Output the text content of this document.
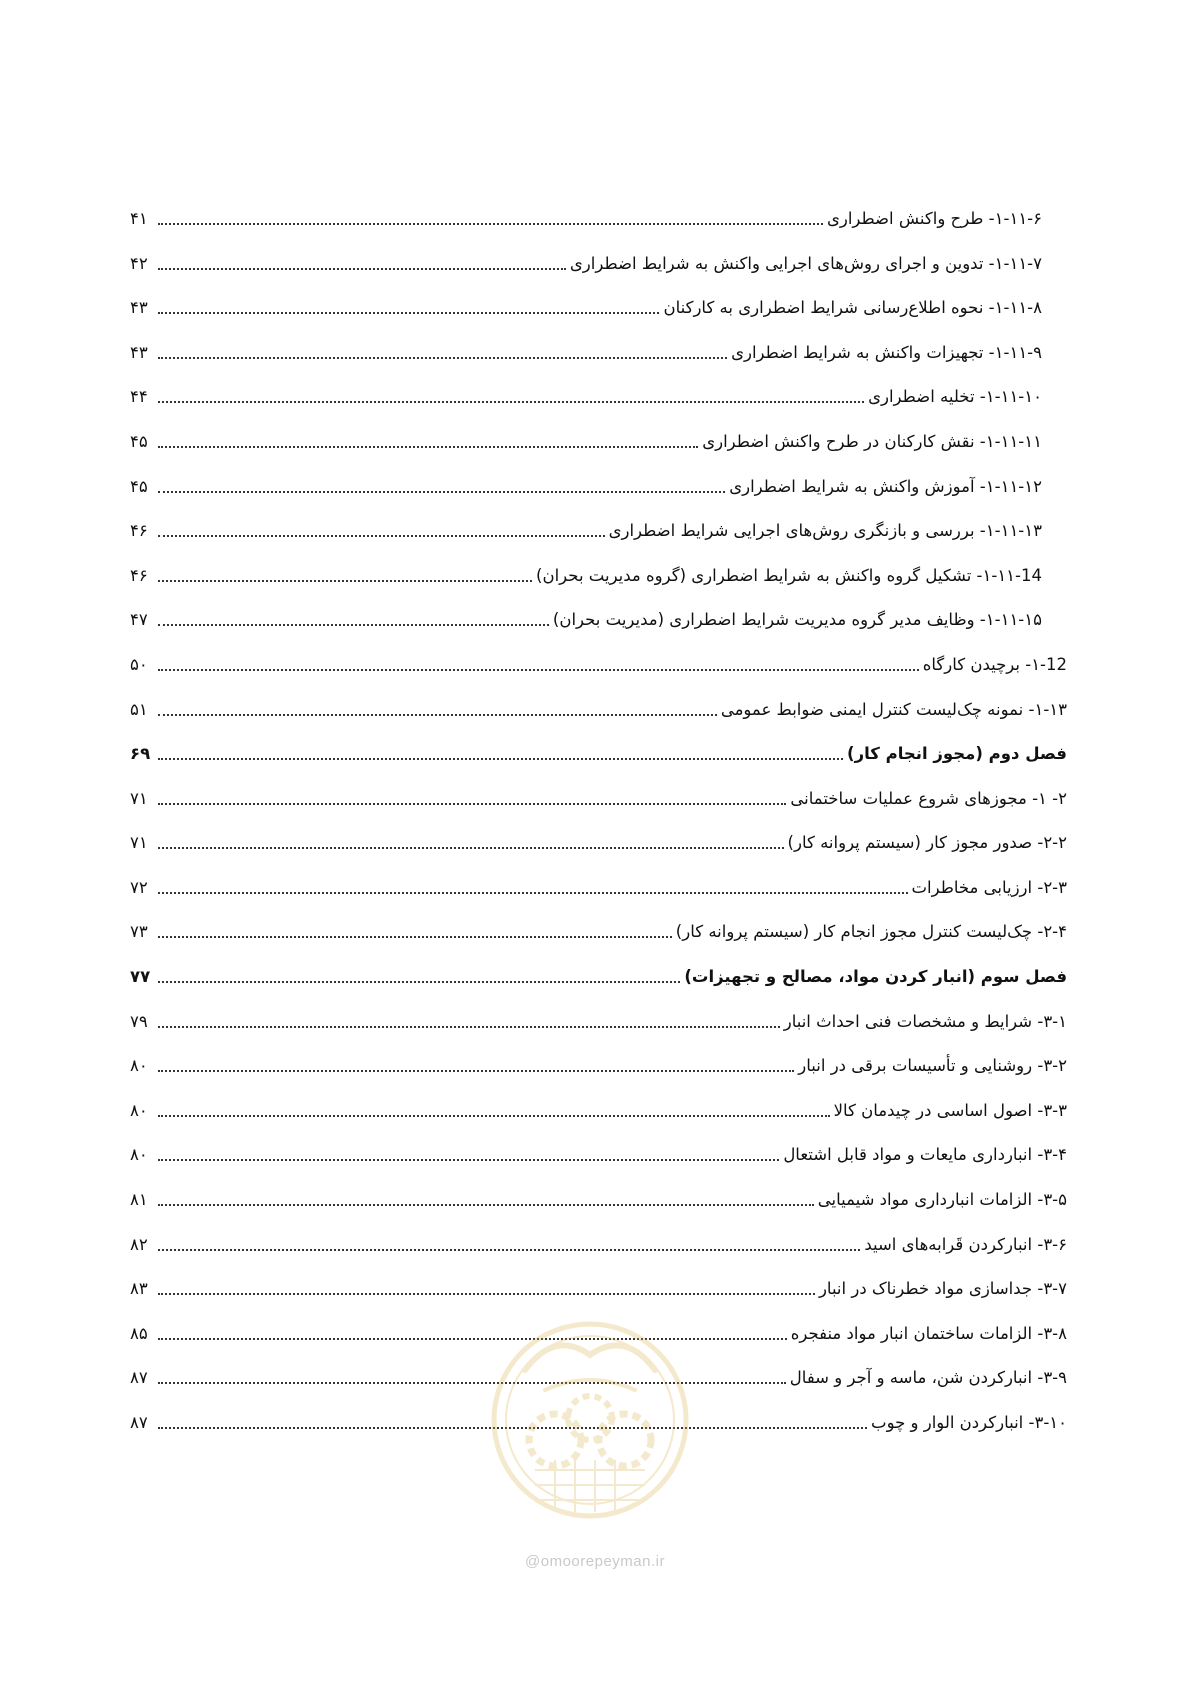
۱-۱۱-۶- طرح واکنش اضطراری
۴۱
۱-۱۱-۷- تدوین و اجرای روش‌های اجرایی واکنش به شرایط اضطراری
۴۲
۱-۱۱-۸- نحوه اطلاع‌رسانی شرایط اضطراری به کارکنان
۴۳
۱-۱۱-۹- تجهیزات واکنش به شرایط اضطراری
۴۳
۱-۱۱-۱۰- تخلیه اضطراری
۴۴
۱-۱۱-۱۱- نقش کارکنان در طرح واکنش اضطراری
۴۵
۱-۱۱-۱۲- آموزش واکنش به شرایط اضطراری
۴۵
۱-۱۱-۱۳- بررسی و بازنگری روش‌های اجرایی شرایط اضطراری
۴۶
۱-۱۱-14- تشکیل گروه واکنش به شرایط اضطراری (گروه مدیریت بحران)
۴۶
۱-۱۱-۱۵- وظایف مدیر گروه مدیریت شرایط اضطراری (مدیریت بحران)
۴۷
۱-12- برچیدن کارگاه
۵۰
۱-۱۳- نمونه چک‌لیست کنترل ایمنی ضوابط عمومی
۵۱
فصل دوم (مجوز انجام کار)
۶۹
۲- ۱- مجوزهای شروع عملیات ساختمانی
۷۱
۲-۲- صدور مجوز کار (سیستم پروانه کار)
۷۱
۲-۳- ارزیابی مخاطرات
۷۲
۲-۴- چک‌لیست کنترل مجوز انجام کار (سیستم پروانه کار)
۷۳
فصل سوم (انبار کردن مواد، مصالح و تجهیزات)
۷۷
۳-۱- شرایط و مشخصات فنی احداث انبار
۷۹
۳-۲- روشنایی و تأسیسات برقی در انبار
۸۰
۳-۳- اصول اساسی در چیدمان کالا
۸۰
۳-۴- انبارداری مایعات و مواد قابل اشتعال
۸۰
۳-۵- الزامات انبارداری مواد شیمیایی
۸۱
۳-۶- انبارکردن قَرابه‌های اسید
۸۲
۳-۷- جداسازی مواد خطرناک در انبار
۸۳
۳-۸- الزامات ساختمان انبار مواد منفجره
۸۵
۳-۹- انبارکردن شن، ماسه و آجر و سفال
۸۷
۳-۱۰- انبارکردن الوار و چوب
۸۷
@omoorepeyman.ir
